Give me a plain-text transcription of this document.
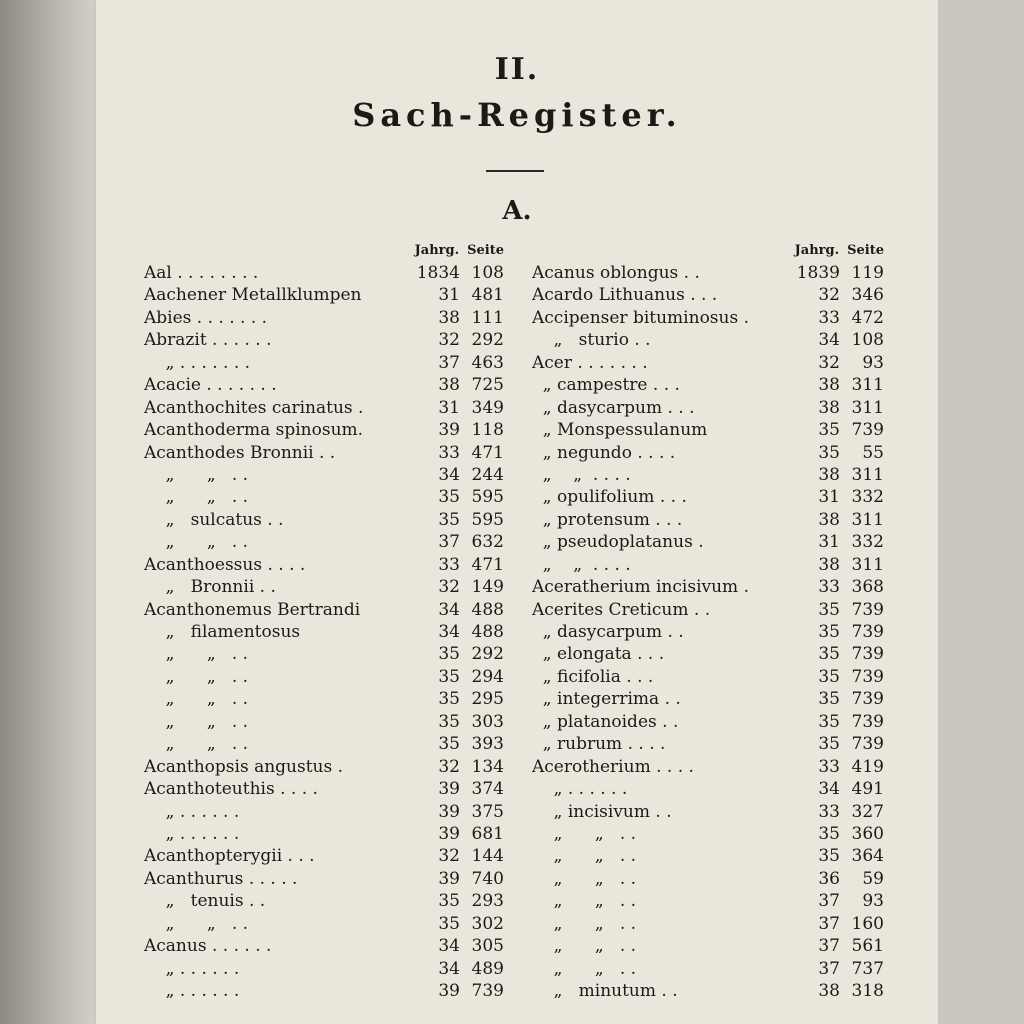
II.
Sach-Register.
A.
Jahrg. Seite
Aal . . . . . . . .	1834 108
Aachener Metallklumpen	31 481
Abies . . . . . . .	38 111
Abrazit . . . . . .	32 292
„ . . . . . . .	37 463
Acacie . . . . . . .	38 725
Acanthochites carinatus .	31 349
Acanthoderma spinosum.	39 118
Acanthodes Bronnii . .	33 471
„      „   . .	34 244
„      „   . .	35 595
„   sulcatus . .	35 595
„      „   . .	37 632
Acanthoessus . . . .	33 471
„   Bronnii . .	32 149
Acanthonemus Bertrandi	34 488
„   filamentosus	34 488
„      „   . .	35 292
„      „   . .	35 294
„      „   . .	35 295
„      „   . .	35 303
„      „   . .	35 393
Acanthopsis angustus .	32 134
Acanthoteuthis . . . .	39 374
„ . . . . . .	39 375
„ . . . . . .	39 681
Acanthopterygii . . .	32 144
Acanthurus . . . . .	39 740
„   tenuis . .	35 293
„      „   . .	35 302
Acanus . . . . . .	34 305
„ . . . . . .	34 489
„ . . . . . .	39 739
Jahrg. Seite
Acanus oblongus . .	1839 119
Acardo Lithuanus . . .	32 346
Accipenser bituminosus .	33 472
„   sturio . .	34 108
Acer . . . . . . .	32	93
„ campestre . . .	38 311
„ dasycarpum . . .	38 311
„ Monspessulanum	35 739
„ negundo . . . .	35	55
„    „  . . . .	38 311
„ opulifolium . . .	31 332
„ protensum . . .	38 311
„ pseudoplatanus .	31 332
„    „  . . . .	38 311
Aceratherium incisivum .	33 368
Acerites Creticum . .	35 739
„ dasycarpum . .	35 739
„ elongata . . .	35 739
„ ficifolia . . .	35 739
„ integerrima . .	35 739
„ platanoides . .	35 739
„ rubrum . . . .	35 739
Acerotherium . . . .	33 419
„ . . . . . .	34 491
„ incisivum . .	33 327
„      „   . .	35 360
„      „   . .	35 364
„      „   . .	36	59
„      „   . .	37	93
„      „   . .	37 160
„      „   . .	37 561
„      „   . .	37 737
„   minutum . .	38 318
